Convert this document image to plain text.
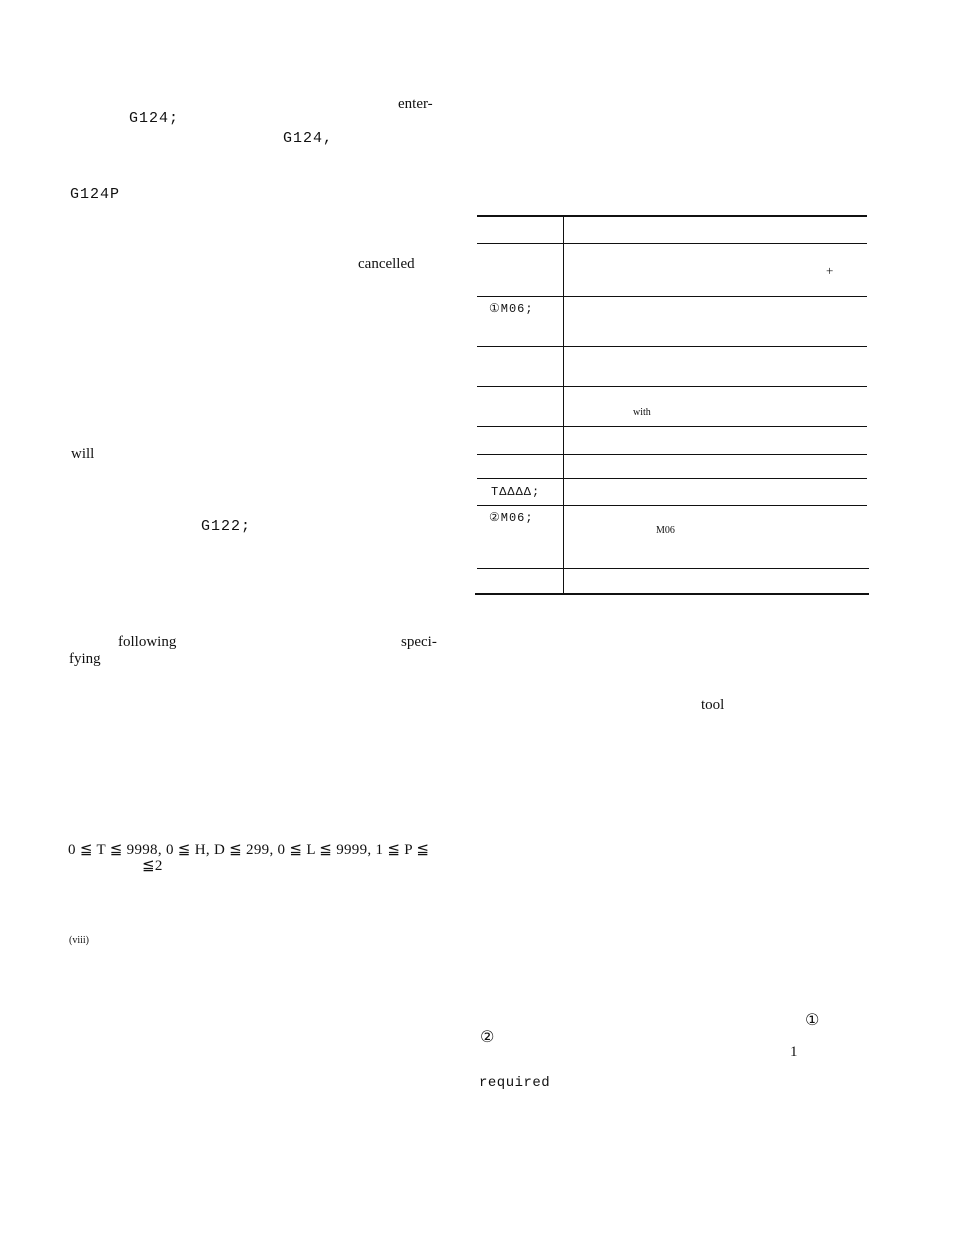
enter-
G124;
G124,
G124P
cancelled
will
G122;
following	speci-
fying
0 ≦ T ≦ 9998, 0 ≦ H, D ≦ 299, 0 ≦ L ≦ 9999, 1 ≦ P ≦
≦2
(viii)
+
①M06;
with
TΔΔΔΔ;
②M06;
M06
tool
①
②
1
required
